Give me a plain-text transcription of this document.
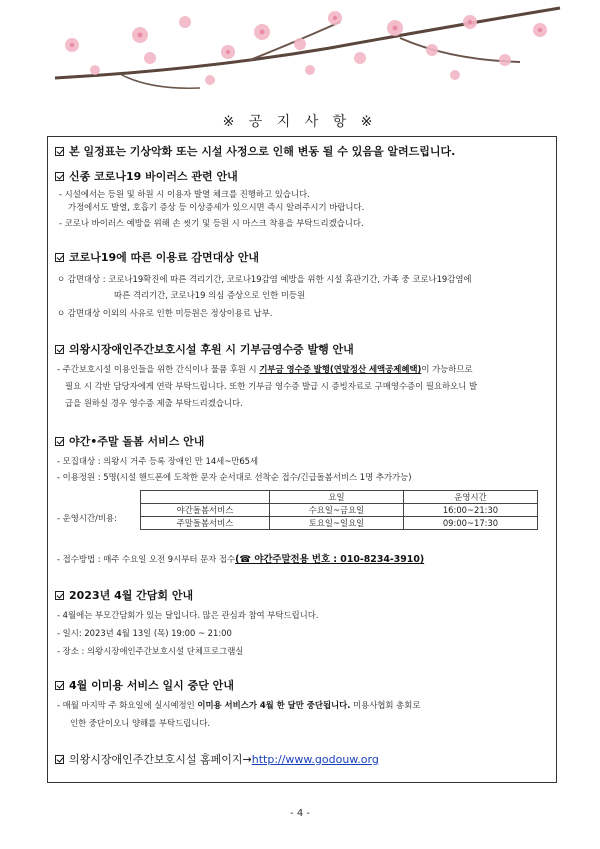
※ 공 지 사 항 ※
본 일정표는 기상악화 또는 시설 사정으로 인해 변동 될 수 있음을 알려드립니다.
신종 코로나19 바이러스 관련 안내
- 시설에서는 등원 및 하원 시 이용자 발열 체크를 진행하고 있습니다.
가정에서도 발열, 호흡기 증상 등 이상증세가 있으시면 즉시 알려주시기 바랍니다.
- 코로나 바이러스 예방을 위해 손 씻기 및 등원 시 마스크 착용을 부탁드리겠습니다.
코로나19에 따른 이용료 감면대상 안내
ㅇ 감면대상 : 코로나19확진에 따른 격리기간, 코로나19감염 예방을 위한 시설 휴관기간, 가족 중 코로나19감염에
따른 격리기간, 코로나19 의심 증상으로 인한 미등원
ㅇ 감면대상 이외의 사유로 인한 미등원은 정상이용료 납부.
의왕시장애인주간보호시설 후원 시 기부금영수증 발행 안내
- 주간보호시설 이용인들을 위한 간식이나 물품 후원 시 기부금 영수증 발행(연말정산 세액공제혜택)이 가능하므로
필요 시 각반 담당자에게 연락 부탁드립니다. 또한 기부금 영수증 발급 시 증빙자료로 구매영수증이 필요하오니 발
급을 원하실 경우 영수증 제출 부탁드리겠습니다.
야간•주말 돌봄 서비스 안내
- 모집대상 : 의왕시 거주 등록 장애인 만 14세~만65세
- 이용정원 : 5명(시설 핸드폰에 도착한 문자 순서대로 선착순 접수/긴급돌봄서비스 1명 추가가능)
- 운영시간/비용:
	요일	운영시간
야간돌봄서비스	수요일~금요일	16:00~21:30
주말돌봄서비스	토요일~일요일	09:00~17:30
- 접수방법 : 매주 수요일 오전 9시부터 문자 접수(☎ 야간주말전용 번호 : 010-8234-3910)
2023년 4월 간담회 안내
- 4월에는 부모간담회가 있는 달입니다. 많은 관심과 참여 부탁드립니다.
- 일시: 2023년 4월 13일 (목) 19:00 ~ 21:00
- 장소 : 의왕시장애인주간보호시설 단체프로그램실
4월 이미용 서비스 일시 중단 안내
- 매월 마지막 주 화요일에 실시예정인 이미용 서비스가 4월 한 달만 중단됩니다. 미용사협회 총회로
인한 중단이오니 양해를 부탁드립니다.
의왕시장애인주간보호시설 홈페이지→ http://www.godouw.org
- 4 -
